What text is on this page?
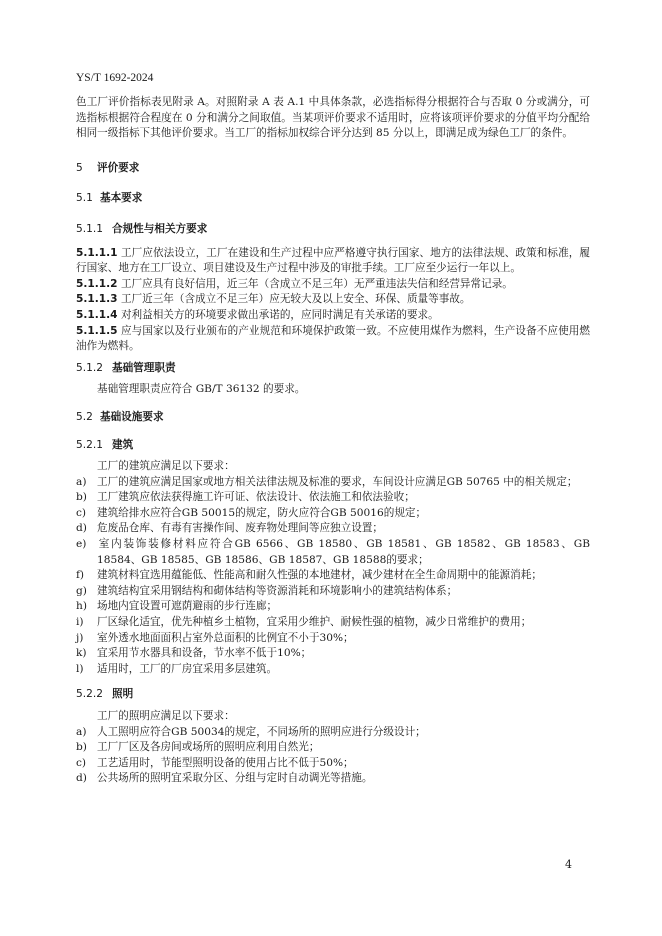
YS/T 1692-2024

色工厂评价指标表见附录 A。对照附录 A 表 A.1 中具体条款，必选指标得分根据符合与否取 0 分或满分，可选指标根据符合程度在 0 分和满分之间取值。当某项评价要求不适用时，应将该项评价要求的分值平均分配给相同一级指标下其他评价要求。当工厂的指标加权综合评分达到 85 分以上，即满足成为绿色工厂的条件。

5 评价要求

5.1 基本要求

5.1.1 合规性与相关方要求

5.1.1.1 工厂应依法设立，工厂在建设和生产过程中应严格遵守执行国家、地方的法律法规、政策和标准，履行国家、地方在工厂设立、项目建设及生产过程中涉及的审批手续。工厂应至少运行一年以上。

5.1.1.2 工厂应具有良好信用，近三年（含成立不足三年）无严重违法失信和经营异常记录。

5.1.1.3 工厂近三年（含成立不足三年）应无较大及以上安全、环保、质量等事故。

5.1.1.4 对利益相关方的环境要求做出承诺的，应同时满足有关承诺的要求。

5.1.1.5 应与国家以及行业颁布的产业规范和环境保护政策一致。不应使用煤作为燃料，生产设备不应使用燃油作为燃料。

5.1.2 基础管理职责

基础管理职责应符合 GB/T 36132 的要求。

5.2 基础设施要求

5.2.1 建筑

工厂的建筑应满足以下要求：

a) 工厂的建筑应满足国家或地方相关法律法规及标准的要求，车间设计应满足GB 50765 中的相关规定；

b) 工厂建筑应依法获得施工许可证、依法设计、依法施工和依法验收；

c) 建筑给排水应符合GB 50015的规定，防火应符合GB 50016的规定；

d) 危废品仓库、有毒有害操作间、废弃物处理间等应独立设置；

e) 室内装饰装修材料应符合GB 6566、GB 18580、GB 18581、GB 18582、GB 18583、GB 18584、GB 18585、GB 18586、GB 18587、GB 18588的要求；

f) 建筑材料宜选用蕴能低、性能高和耐久性强的本地建材，减少建材在全生命周期中的能源消耗；

g) 建筑结构宜采用钢结构和砌体结构等资源消耗和环境影响小的建筑结构体系；

h) 场地内宜设置可遮荫避雨的步行连廊；

i) 厂区绿化适宜，优先种植乡土植物，宜采用少维护、耐候性强的植物，减少日常维护的费用；

j) 室外透水地面面积占室外总面积的比例宜不小于30%；

k) 宜采用节水器具和设备，节水率不低于10%；

l) 适用时，工厂的厂房宜采用多层建筑。

5.2.2 照明

工厂的照明应满足以下要求：

a) 人工照明应符合GB 50034的规定，不同场所的照明应进行分级设计；

b) 工厂厂区及各房间或场所的照明应利用自然光；

c) 工艺适用时，节能型照明设备的使用占比不低于50%；

d) 公共场所的照明宜采取分区、分组与定时自动调光等措施。

4
